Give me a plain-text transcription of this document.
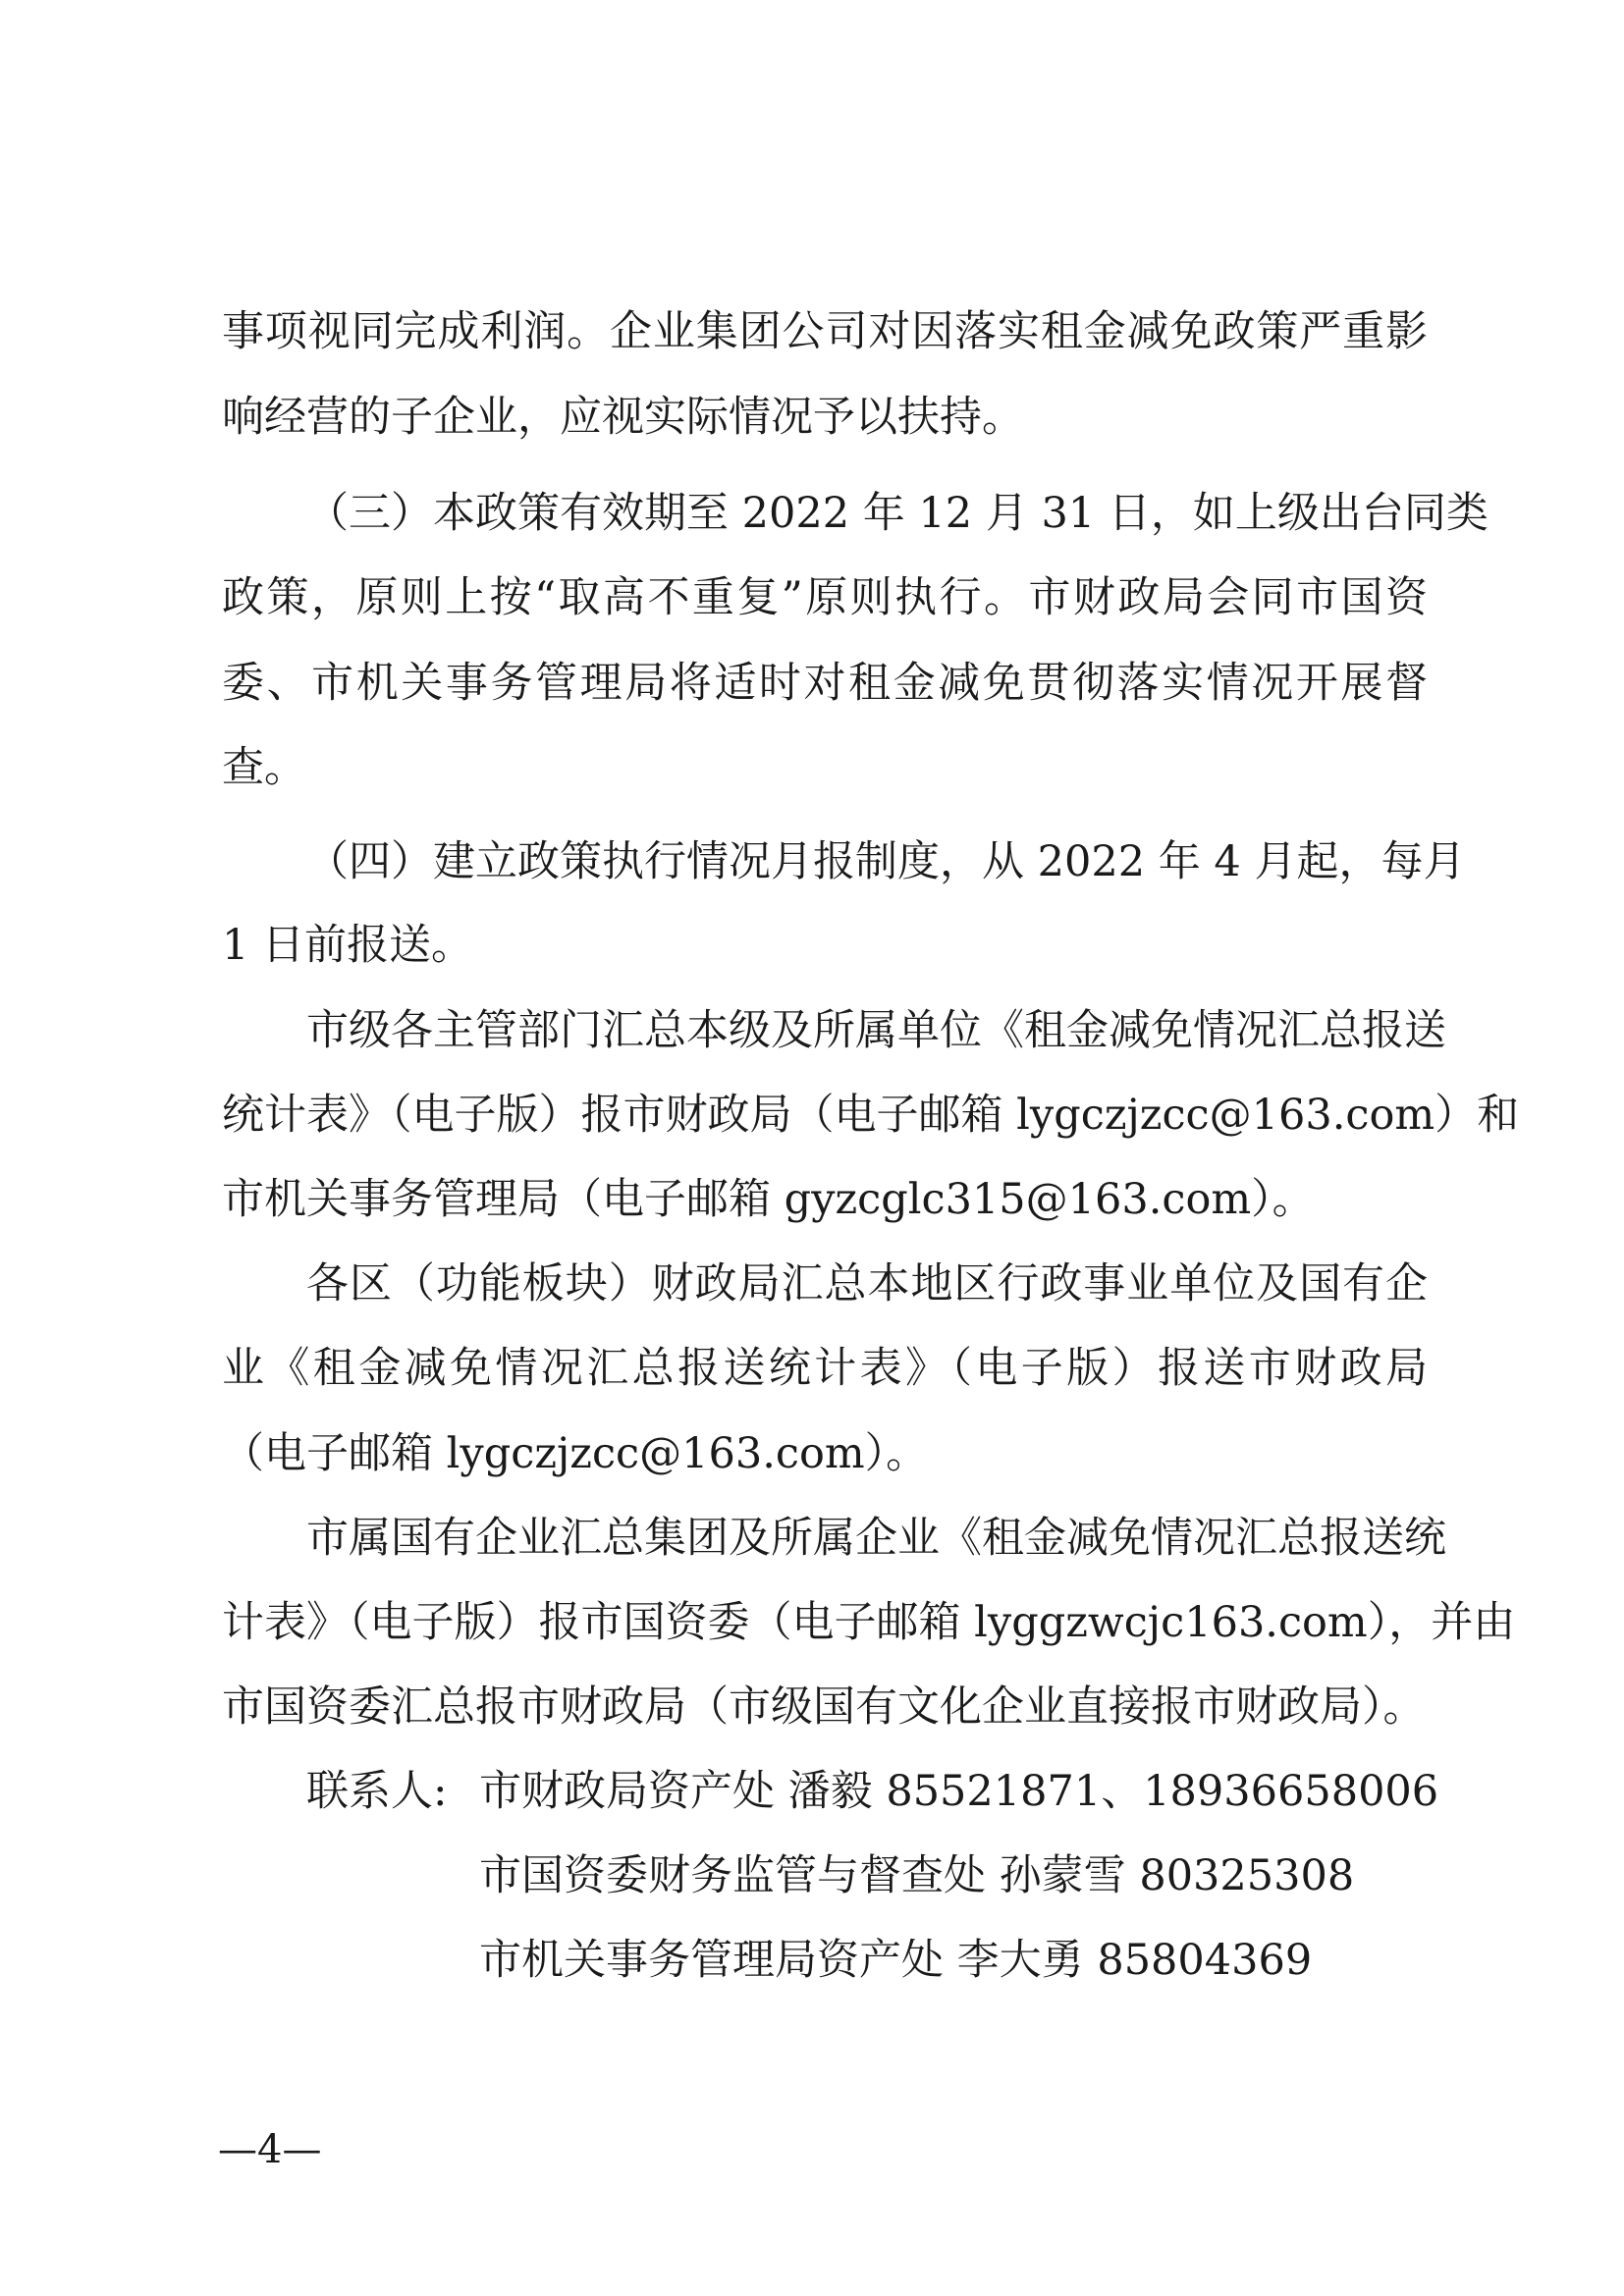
事项视同完成利润。企业集团公司对因落实租金减免政策严重影
响经营的子企业，应视实际情况予以扶持。
（三）本政策有效期至 2022 年 12 月 31 日，如上级出台同类
政策，原则上按“取高不重复”原则执行。市财政局会同市国资
委、市机关事务管理局将适时对租金减免贯彻落实情况开展督
查。
（四）建立政策执行情况月报制度，从 2022 年 4 月起，每月
1 日前报送。
市级各主管部门汇总本级及所属单位《租金减免情况汇总报送
统计表》（电子版）报市财政局（电子邮箱 lygczjzcc@163.com）和
市机关事务管理局（电子邮箱 gyzcglc315@163.com）。
各区（功能板块）财政局汇总本地区行政事业单位及国有企
业《租金减免情况汇总报送统计表》（电子版）报送市财政局
（电子邮箱 lygczjzcc@163.com）。
市属国有企业汇总集团及所属企业《租金减免情况汇总报送统
计表》（电子版）报市国资委（电子邮箱 lyggzwcjc163.com），并由
市国资委汇总报市财政局（市级国有文化企业直接报市财政局）。
联系人: 市财政局资产处 潘毅 85521871、18936658006
市国资委财务监管与督查处 孙蒙雪 80325308
市机关事务管理局资产处 李大勇 85804369
—4—
